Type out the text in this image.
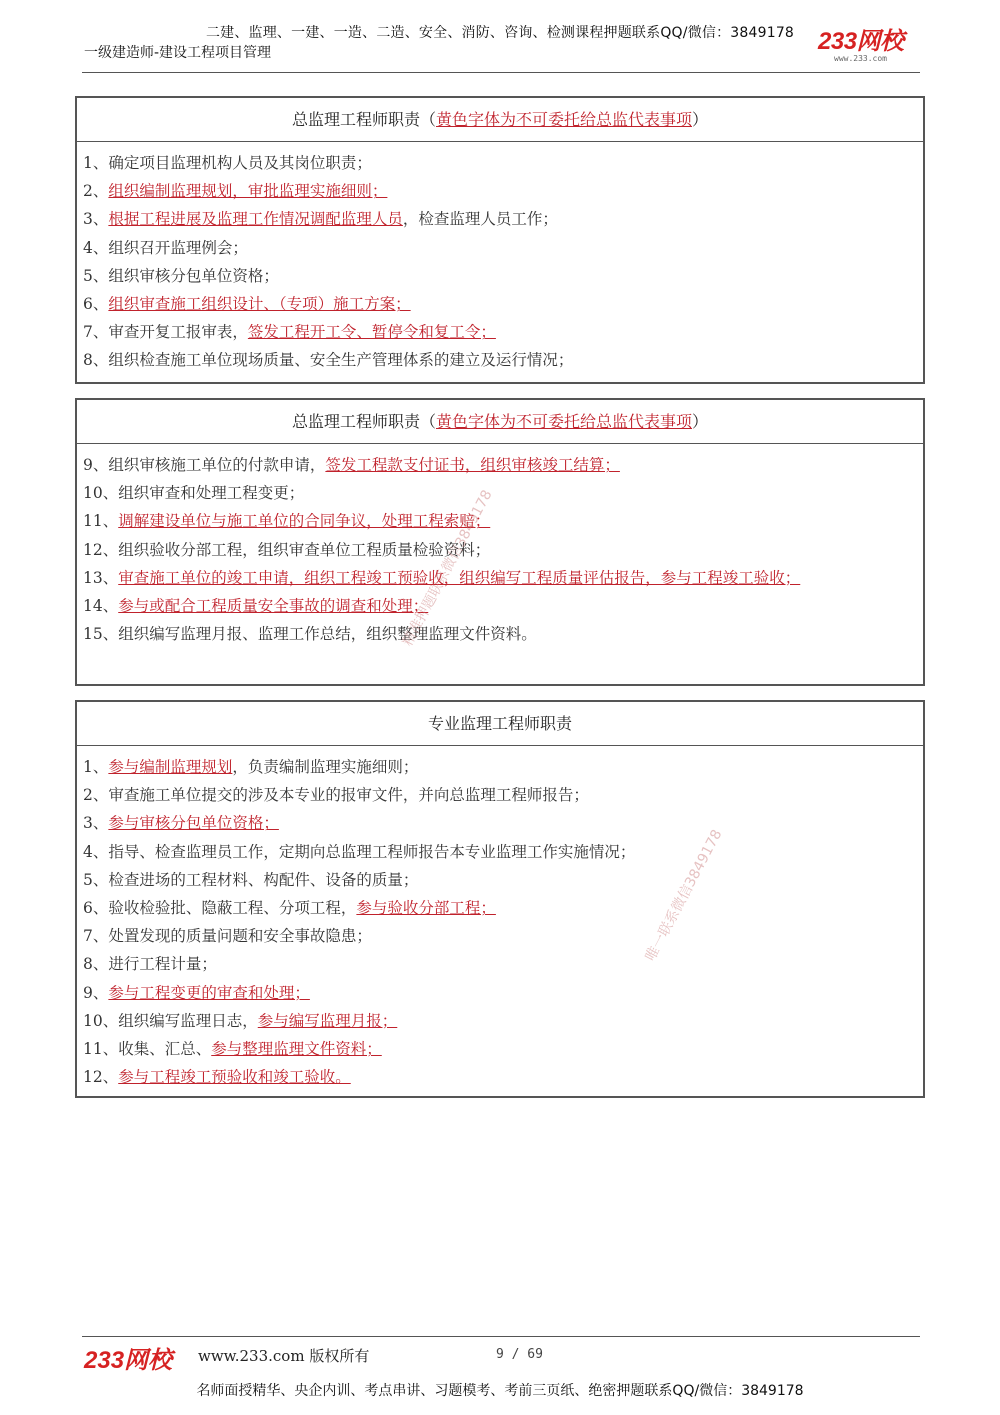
二建、监理、一建、一造、二造、安全、消防、咨询、检测课程押题联系QQ/微信：3849178 233网校
www.233.com
一级建造师-建设工程项目管理
总监理工程师职责（黄色字体为不可委托给总监代表事项）
1、确定项目监理机构人员及其岗位职责；
2、组织编制监理规划，审批监理实施细则；
3、根据工程进展及监理工作情况调配监理人员，检查监理人员工作；
4、组织召开监理例会；
5、组织审核分包单位资格；
6、组织审查施工组织设计、（专项）施工方案；
7、审查开复工报审表，签发工程开工令、暂停令和复工令；
8、组织检查施工单位现场质量、安全生产管理体系的建立及运行情况；
总监理工程师职责（黄色字体为不可委托给总监代表事项）
9、组织审核施工单位的付款申请，签发工程款支付证书，组织审核竣工结算；
10、组织审查和处理工程变更；
11、调解建设单位与施工单位的合同争议，处理工程索赔；
12、组织验收分部工程，组织审查单位工程质量检验资料；
13、审查施工单位的竣工申请，组织工程竣工预验收，组织编写工程质量评估报告，参与工程竣工验收；
14、参与或配合工程质量安全事故的调查和处理；
15、组织编写监理月报、监理工作总结，组织整理监理文件资料。
专业监理工程师职责
1、参与编制监理规划，负责编制监理实施细则；
2、审查施工单位提交的涉及本专业的报审文件，并向总监理工程师报告；
3、参与审核分包单位资格；
4、指导、检查监理员工作，定期向总监理工程师报告本专业监理工作实施情况；
5、检查进场的工程材料、构配件、设备的质量；
6、验收检验批、隐蔽工程、分项工程，参与验收分部工程；
7、处置发现的质量问题和安全事故隐患；
8、进行工程计量；
9、参与工程变更的审查和处理；
10、组织编写监理日志，参与编写监理月报；
11、收集、汇总、参与整理监理文件资料；
12、参与工程竣工预验收和竣工验收。
精准押题联系微信3849178
唯一联系微信3849178
233网校 www.233.com 版权所有	9 / 69
名师面授精华、央企内训、考点串讲、习题模考、考前三页纸、绝密押题联系QQ/微信：3849178
